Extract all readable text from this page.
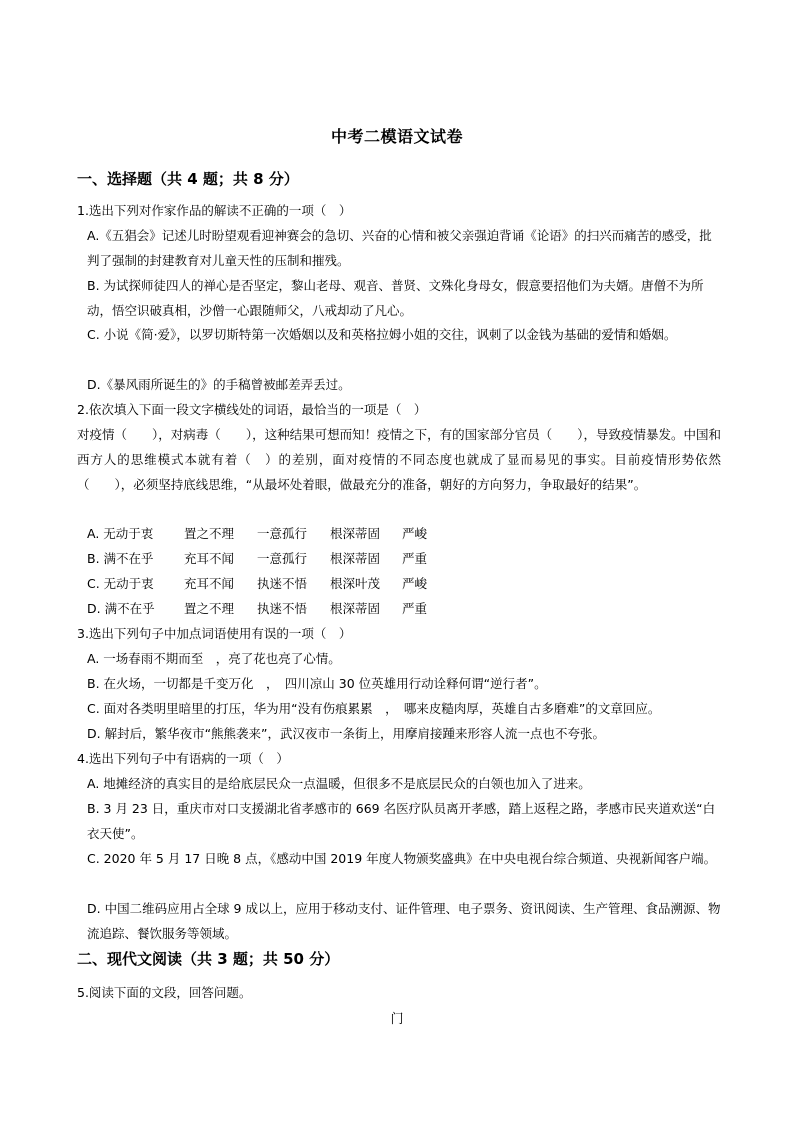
中考二模语文试卷
一、选择题（共 4 题；共 8 分）
1.选出下列对作家作品的解读不正确的一项（　）
A.《五猖会》记述儿时盼望观看迎神赛会的急切、兴奋的心情和被父亲强迫背诵《论语》的扫兴而痛苦的感受，批判了强制的封建教育对儿童天性的压制和摧残。
B. 为试探师徒四人的禅心是否坚定，黎山老母、观音、普贤、文殊化身母女，假意要招他们为夫婿。唐僧不为所动，悟空识破真相，沙僧一心跟随师父，八戒却动了凡心。
C. 小说《简·爱》，以罗切斯特第一次婚姻以及和英格拉姆小姐的交往，讽刺了以金钱为基础的爱情和婚姻。
D.《暴风雨所诞生的》的手稿曾被邮差弄丢过。
2.依次填入下面一段文字横线处的词语，最恰当的一项是（　）
对疫情（　　），对病毒（　　），这种结果可想而知！疫情之下，有的国家部分官员（　　），导致疫情暴发。中国和西方人的思维模式本就有着（　）的差别，面对疫情的不同态度也就成了显而易见的事实。目前疫情形势依然（　　），必须坚持底线思维，“从最坏处着眼，做最充分的准备，朝好的方向努力，争取最好的结果”。
A. 无动于衷 置之不理 一意孤行 根深蒂固 严峻
B. 满不在乎 充耳不闻 一意孤行 根深蒂固 严重
C. 无动于衷 充耳不闻 执迷不悟 根深叶茂 严峻
D. 满不在乎 置之不理 执迷不悟 根深蒂固 严重
3.选出下列句子中加点词语使用有误的一项（　）
A. 一场春雨不期而至　，亮了花也亮了心情。
B. 在火场，一切都是千变万化　，　四川凉山 30 位英雄用行动诠释何谓“逆行者”。
C. 面对各类明里暗里的打压，华为用“没有伤痕累累　，　哪来皮糙肉厚，英雄自古多磨难”的文章回应。
D. 解封后，繁华夜市“熊熊袭来”，武汉夜市一条街上，用摩肩接踵来形容人流一点也不夸张。
4.选出下列句子中有语病的一项（　）
A. 地摊经济的真实目的是给底层民众一点温暖，但很多不是底层民众的白领也加入了进来。
B. 3 月 23 日，重庆市对口支援湖北省孝感市的 669 名医疗队员离开孝感，踏上返程之路，孝感市民夹道欢送“白衣天使”。
C. 2020 年 5 月 17 日晚 8 点，《感动中国 2019 年度人物颁奖盛典》在中央电视台综合频道、央视新闻客户端。
D. 中国二维码应用占全球 9 成以上，应用于移动支付、证件管理、电子票务、资讯阅读、生产管理、食品溯源、物流追踪、餐饮服务等领域。
二、现代文阅读（共 3 题；共 50 分）
5.阅读下面的文段，回答问题。
门
